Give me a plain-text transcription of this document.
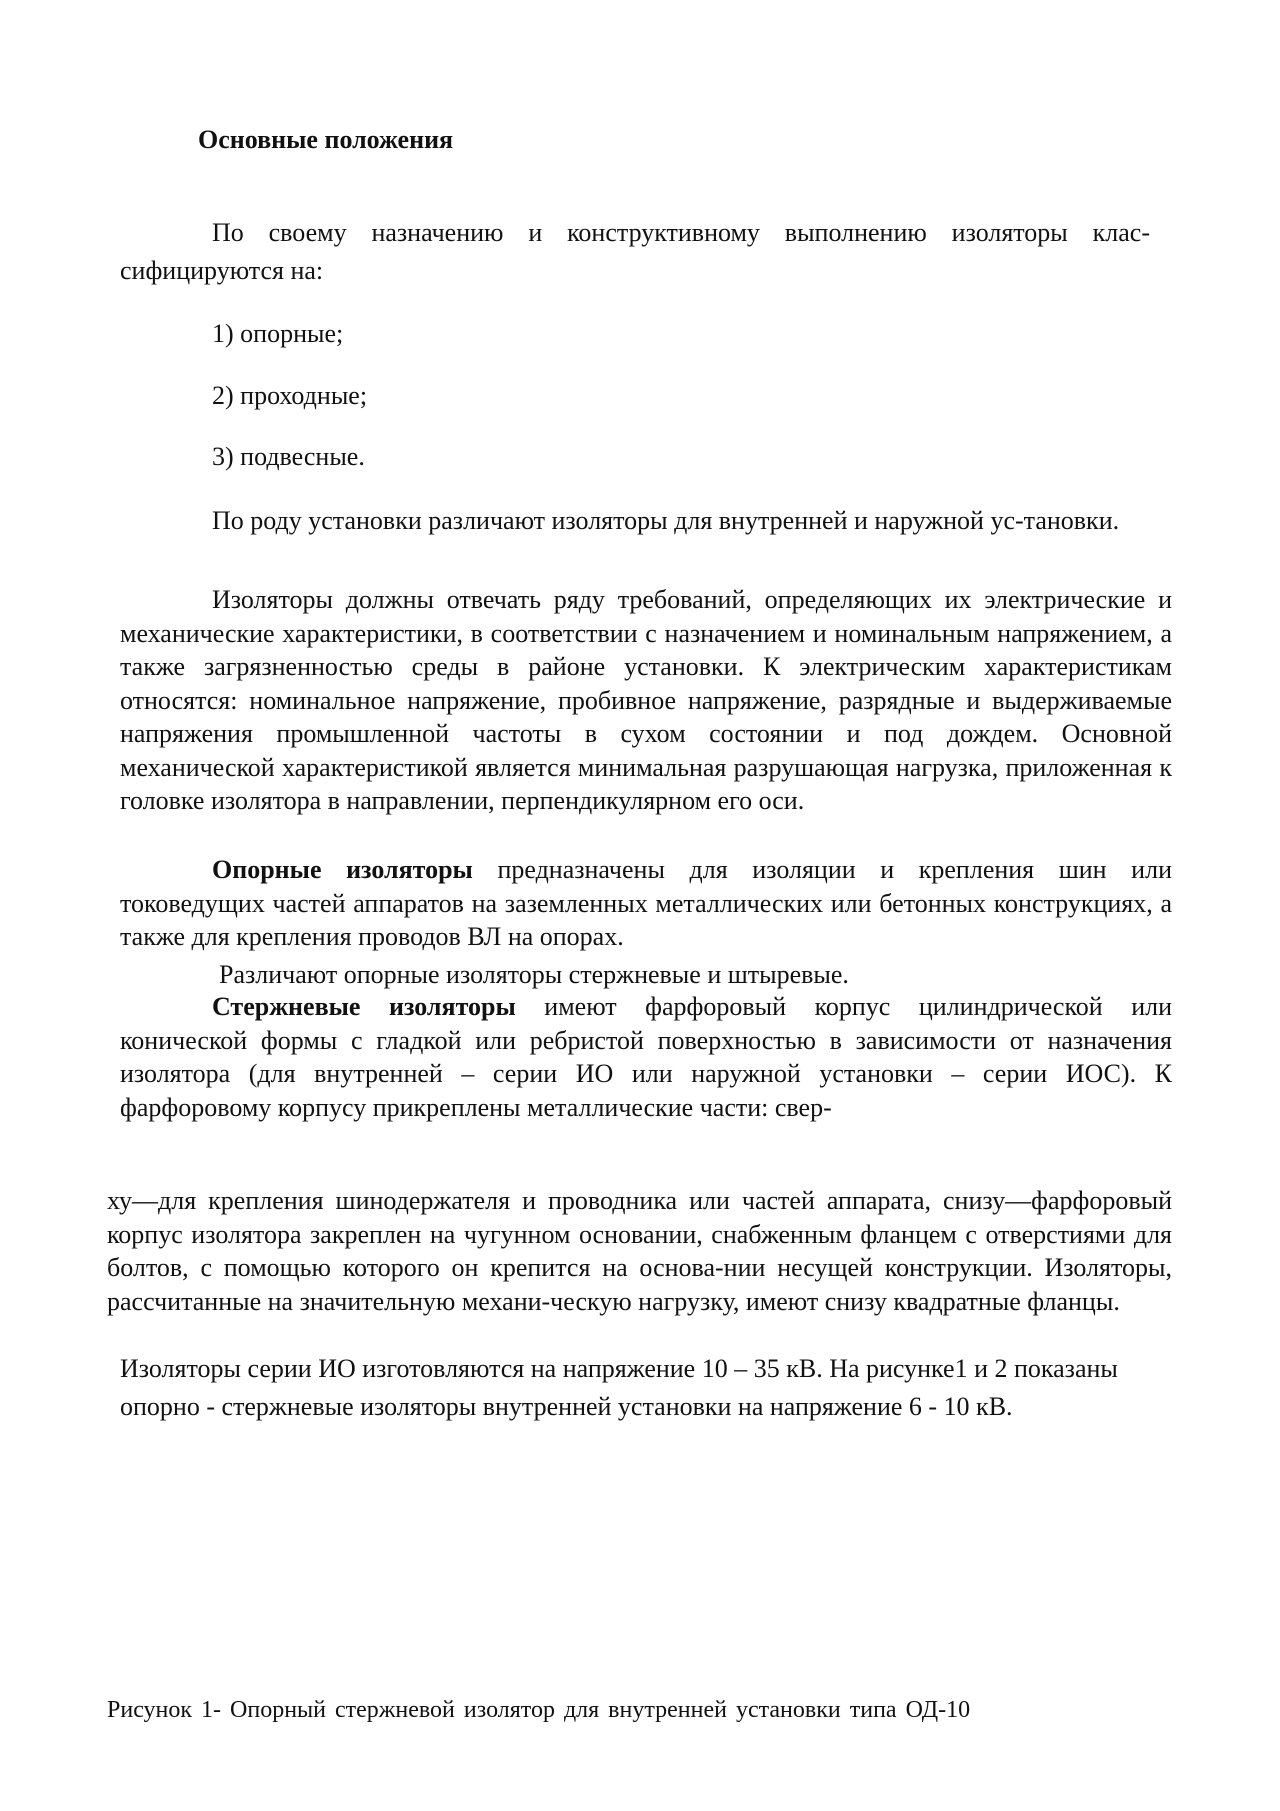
Основные положения

По своему назначению и конструктивному выполнению изоляторы клас-сифицируются на:

1) опорные;
2) проходные;
3) подвесные.

По роду установки различают изоляторы для внутренней и наружной ус-тановки.

Изоляторы должны отвечать ряду требований, определяющих их электрические и механические характеристики, в соответствии с назначением и номинальным напряжением, а также загрязненностью среды в районе установки. К электрическим характеристикам относятся: номинальное напряжение, пробивное напряжение, разрядные и выдерживаемые напряжения промышленной частоты в сухом состоянии и под дождем. Основной механической характеристикой является минимальная разрушающая нагрузка, приложенная к головке изолятора в направлении, перпендикулярном его оси.

Опорные изоляторы предназначены для изоляции и крепления шин или токоведущих частей аппаратов на заземленных металлических или бетонных конструкциях, а также для крепления проводов ВЛ на опорах.

Различают опорные изоляторы стержневые и штыревые.

Стержневые изоляторы имеют фарфоровый корпус цилиндрической или конической формы с гладкой или ребристой поверхностью в зависимости от назначения изолятора (для внутренней – серии ИО или наружной установки – серии ИОС). К фарфоровому корпусу прикреплены металлические части: свер-

ху—для крепления шинодержателя и проводника или частей аппарата, снизу—фарфоровый корпус изолятора закреплен на чугунном основании, снабженным фланцем с отверстиями для болтов, с помощью которого он крепится на основа-нии несущей конструкции. Изоляторы, рассчитанные на значительную механи-ческую нагрузку, имеют снизу квадратные фланцы.

Изоляторы серии ИО изготовляются на напряжение 10 – 35 кВ. На рисунке1 и 2 показаны опорно - стержневые изоляторы внутренней установки на напряжение 6 - 10 кВ.

Рисунок 1- Опорный стержневой изолятор для внутренней установки типа ОД-10
